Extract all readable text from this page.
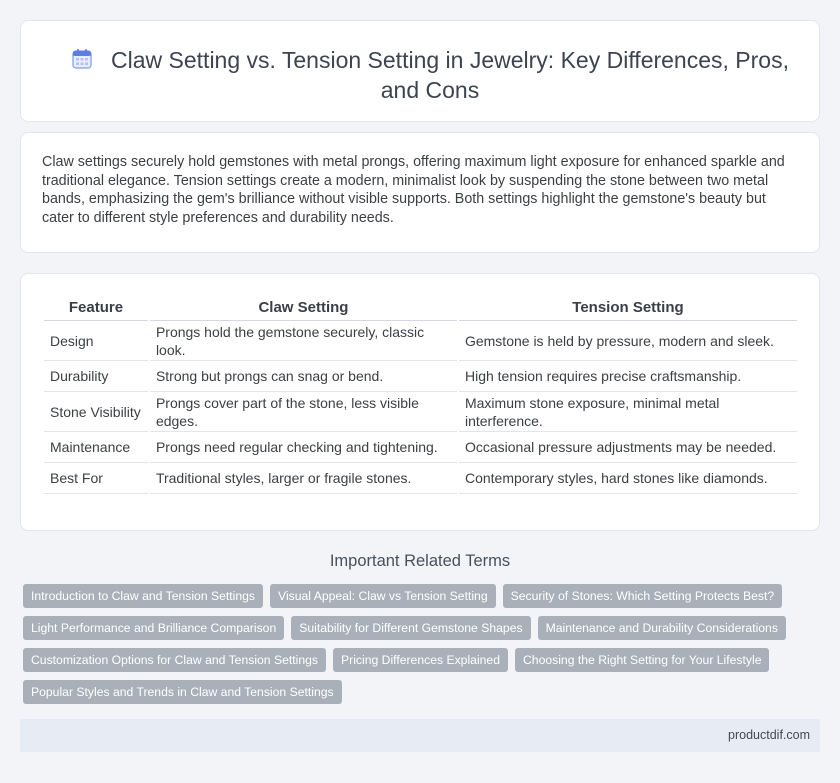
Claw Setting vs. Tension Setting in Jewelry: Key Differences, Pros, and Cons
Claw settings securely hold gemstones with metal prongs, offering maximum light exposure for enhanced sparkle and traditional elegance. Tension settings create a modern, minimalist look by suspending the stone between two metal bands, emphasizing the gem's brilliance without visible supports. Both settings highlight the gemstone's beauty but cater to different style preferences and durability needs.
Feature	Claw Setting	Tension Setting
Design	Prongs hold the gemstone securely, classic look.	Gemstone is held by pressure, modern and sleek.
Durability	Strong but prongs can snag or bend.	High tension requires precise craftsmanship.
Stone Visibility	Prongs cover part of the stone, less visible edges.	Maximum stone exposure, minimal metal interference.
Maintenance	Prongs need regular checking and tightening.	Occasional pressure adjustments may be needed.
Best For	Traditional styles, larger or fragile stones.	Contemporary styles, hard stones like diamonds.
Important Related Terms
Introduction to Claw and Tension Settings	Visual Appeal: Claw vs Tension Setting	Security of Stones: Which Setting Protects Best?
Light Performance and Brilliance Comparison	Suitability for Different Gemstone Shapes	Maintenance and Durability Considerations
Customization Options for Claw and Tension Settings	Pricing Differences Explained	Choosing the Right Setting for Your Lifestyle
Popular Styles and Trends in Claw and Tension Settings
productdif.com
